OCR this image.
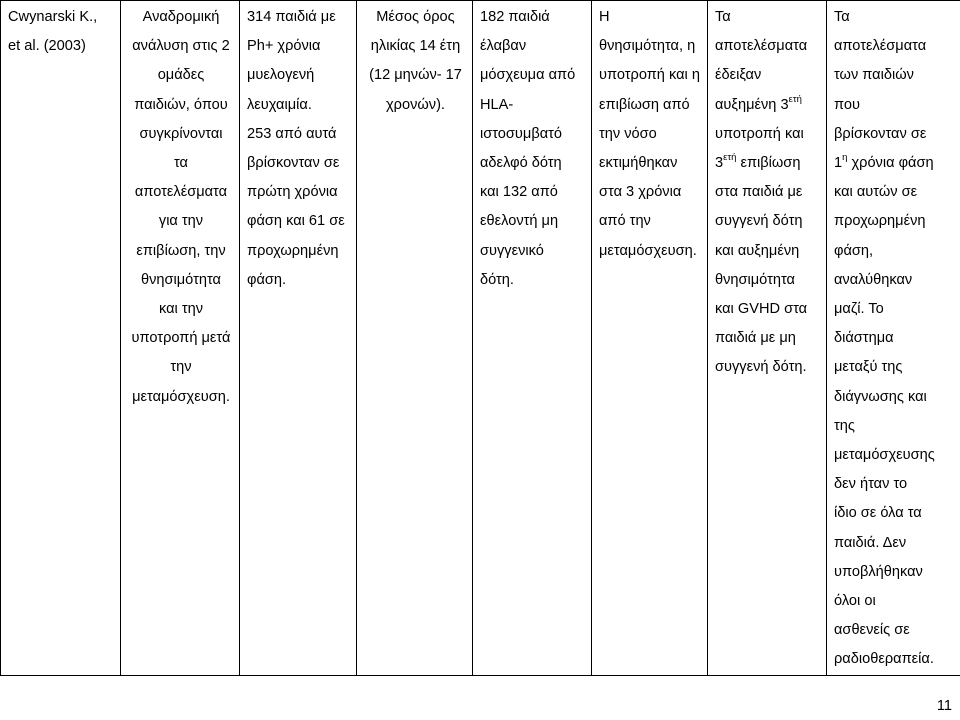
Cwynarski K.,
et al. (2003)

Αναδρομική
ανάλυση στις 2
ομάδες
παιδιών, όπου
συγκρίνονται
τα
αποτελέσματα
για την
επιβίωση, την
θνησιμότητα
και την
υποτροπή μετά
την
μεταμόσχευση.

314 παιδιά με
Ph+ χρόνια
μυελογενή
λευχαιμία.
253 από αυτά
βρίσκονταν σε
πρώτη χρόνια
φάση και 61 σε
προχωρημένη
φάση.

Μέσος όρος
ηλικίας 14 έτη
(12 μηνών- 17
χρονών).

182 παιδιά
έλαβαν
μόσχευμα από
HLA-
ιστοσυμβατό
αδελφό δότη
και 132 από
εθελοντή μη
συγγενικό
δότη.

Η
θνησιμότητα, η
υποτροπή και η
επιβίωση από
την νόσο
εκτιμήθηκαν
στα 3 χρόνια
από την
μεταμόσχευση.

Τα
αποτελέσματα
έδειξαν
αυξημένη $3^{\varepsilon\tau ή}$
υποτροπή και
$3^{\varepsilon\tau ή}$ επιβίωση
στα παιδιά με
συγγενή δότη
και αυξημένη
θνησιμότητα
και GVHD στα
παιδιά με μη
συγγενή δότη.

Τα
αποτελέσματα
των παιδιών
που
βρίσκονταν σε
$1^\eta$ χρόνια φάση
και αυτών σε
προχωρημένη
φάση,
αναλύθηκαν
μαζί. Το
διάστημα
μεταξύ της
διάγνωσης και
της
μεταμόσχευσης
δεν ήταν το
ίδιο σε όλα τα
παιδιά. Δεν
υποβλήθηκαν
όλοι οι
ασθενείς σε
ραδιοθεραπεία.
11
